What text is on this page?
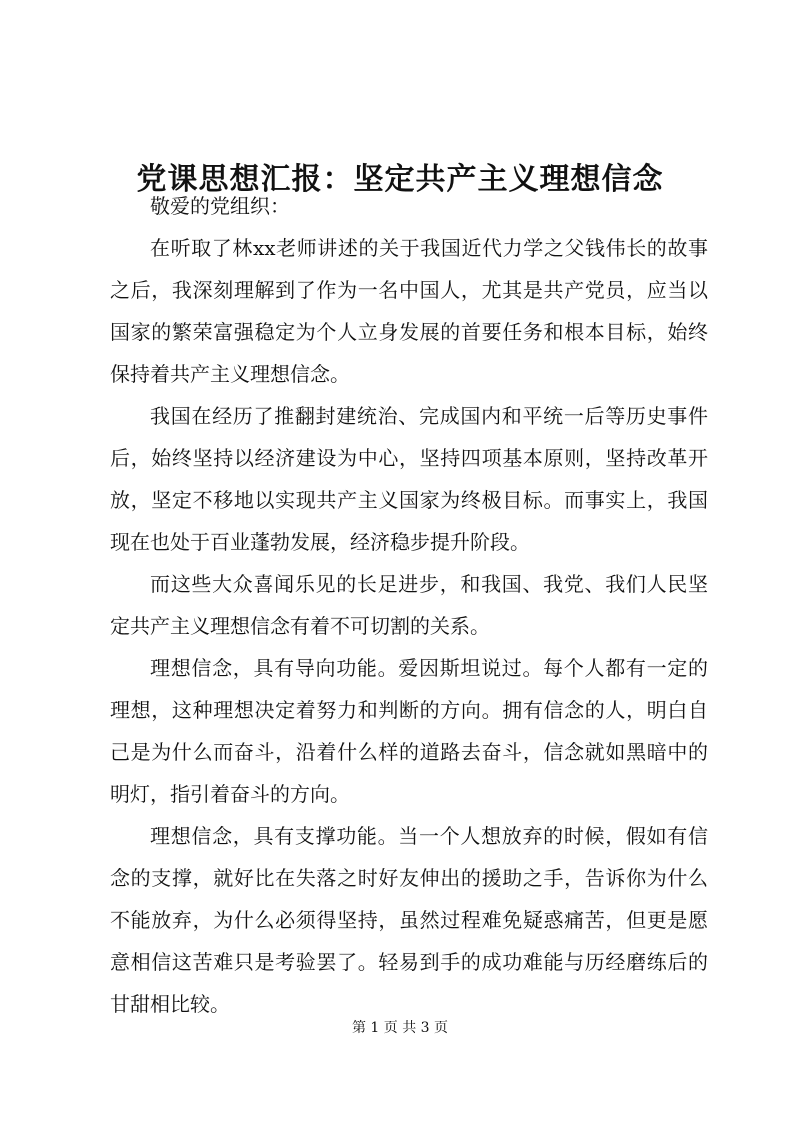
党课思想汇报：坚定共产主义理想信念

敬爱的党组织：

在听取了林xx老师讲述的关于我国近代力学之父钱伟长的故事之后，我深刻理解到了作为一名中国人，尤其是共产党员，应当以国家的繁荣富强稳定为个人立身发展的首要任务和根本目标，始终保持着共产主义理想信念。

我国在经历了推翻封建统治、完成国内和平统一后等历史事件后，始终坚持以经济建设为中心，坚持四项基本原则，坚持改革开放，坚定不移地以实现共产主义国家为终极目标。而事实上，我国现在也处于百业蓬勃发展，经济稳步提升阶段。

而这些大众喜闻乐见的长足进步，和我国、我党、我们人民坚定共产主义理想信念有着不可切割的关系。

理想信念，具有导向功能。爱因斯坦说过。每个人都有一定的理想，这种理想决定着努力和判断的方向。拥有信念的人，明白自己是为什么而奋斗，沿着什么样的道路去奋斗，信念就如黑暗中的明灯，指引着奋斗的方向。

理想信念，具有支撑功能。当一个人想放弃的时候，假如有信念的支撑，就好比在失落之时好友伸出的援助之手，告诉你为什么不能放弃，为什么必须得坚持，虽然过程难免疑惑痛苦，但更是愿意相信这苦难只是考验罢了。轻易到手的成功难能与历经磨练后的甘甜相比较。

第 1 页 共 3 页
